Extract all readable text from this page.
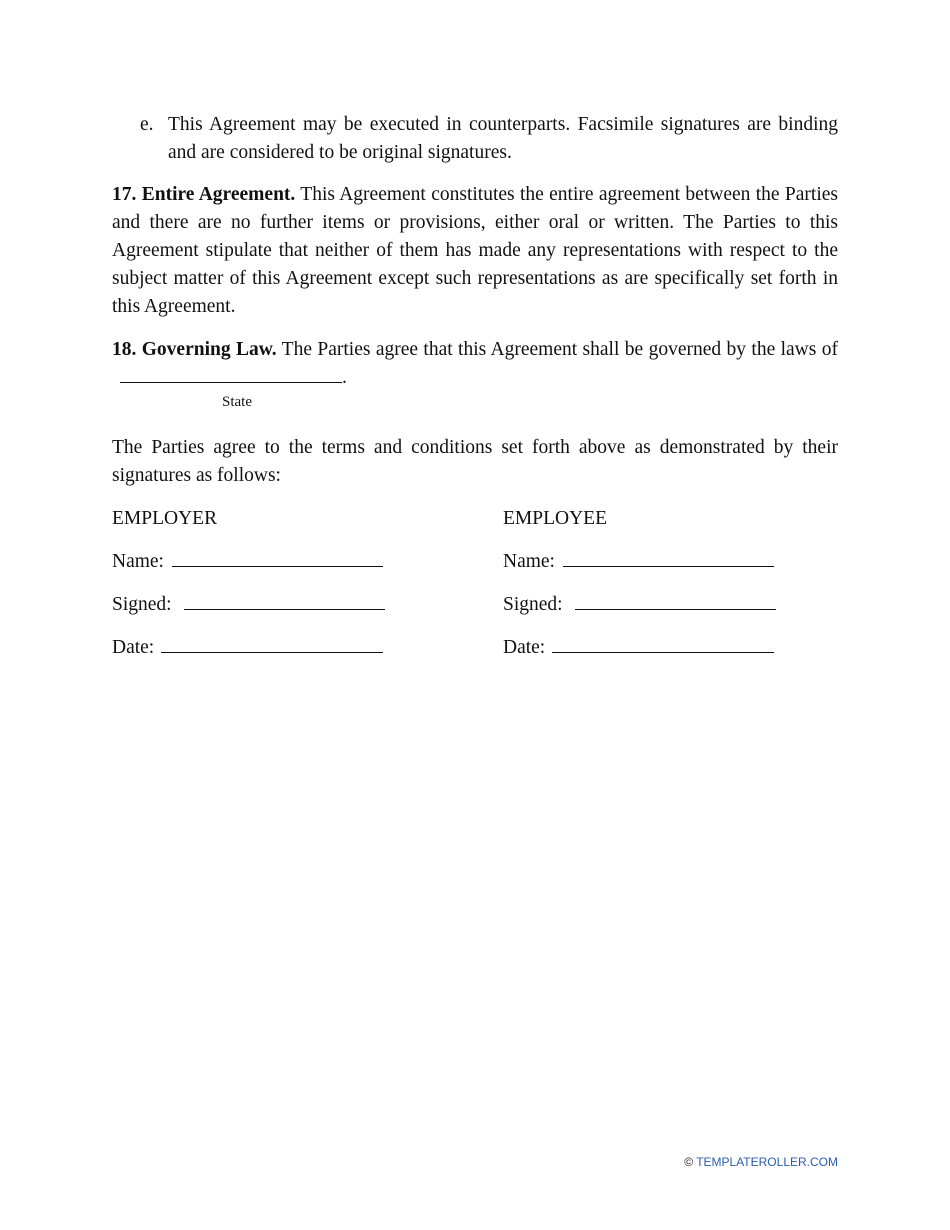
e. This Agreement may be executed in counterparts. Facsimile signatures are binding and are considered to be original signatures.

17. Entire Agreement. This Agreement constitutes the entire agreement between the Parties and there are no further items or provisions, either oral or written. The Parties to this Agreement stipulate that neither of them has made any representations with respect to the subject matter of this Agreement except such representations as are specifically set forth in this Agreement.

18. Governing Law. The Parties agree that this Agreement shall be governed by the laws of .

State

The Parties agree to the terms and conditions set forth above as demonstrated by their signatures as follows:

EMPLOYER	EMPLOYEE
Name:	Name:
Signed:	Signed:
Date:	Date:
© TEMPLATEROLLER.COM
